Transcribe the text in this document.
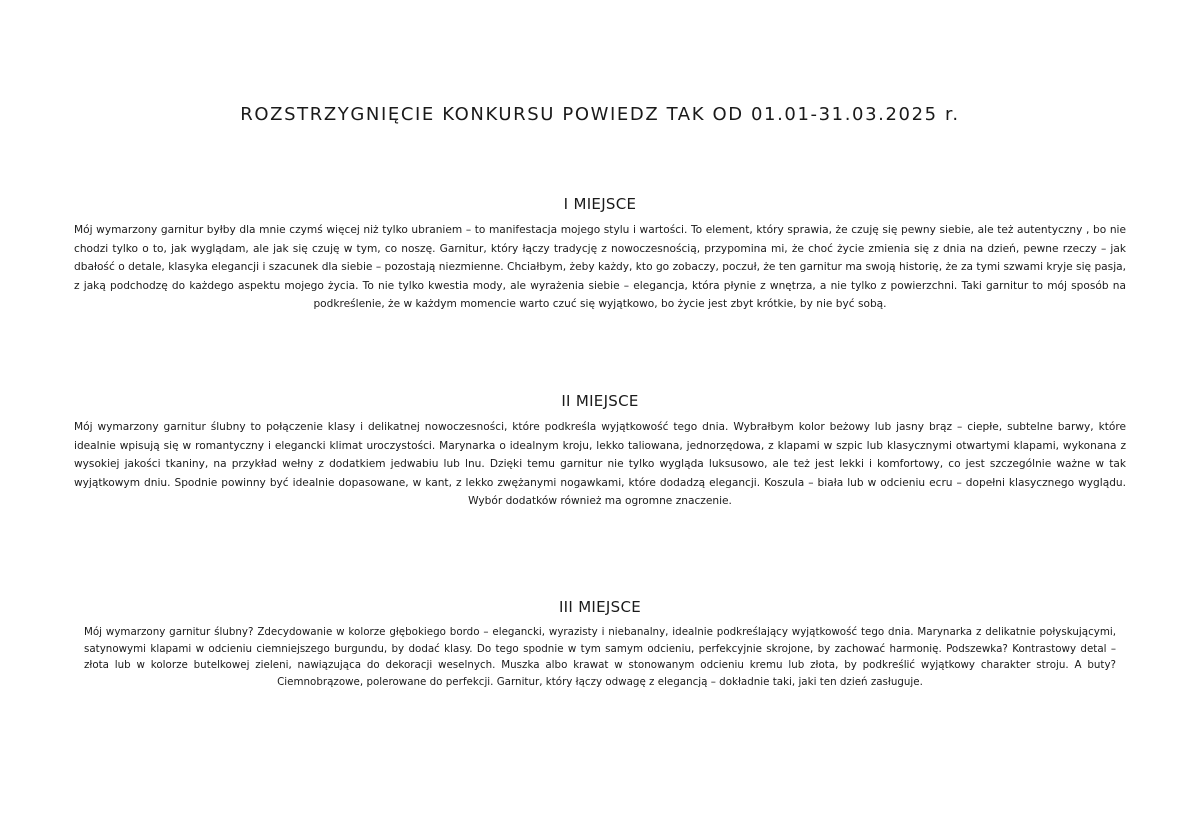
ROZSTRZYGNIĘCIE KONKURSU POWIEDZ TAK OD 01.01-31.03.2025 r.
I MIEJSCE

Mój wymarzony garnitur byłby dla mnie czymś więcej niż tylko ubraniem – to manifestacja mojego stylu i wartości. To element, który sprawia, że czuję się pewny siebie, ale też autentyczny , bo nie chodzi tylko o to, jak wyglądam, ale jak się czuję w tym, co noszę. Garnitur, który łączy tradycję z nowoczesnością, przypomina mi, że choć życie zmienia się z dnia na dzień, pewne rzeczy – jak dbałość o detale, klasyka elegancji i szacunek dla siebie – pozostają niezmienne. Chciałbym, żeby każdy, kto go zobaczy, poczuł, że ten garnitur ma swoją historię, że za tymi szwami kryje się pasja, z jaką podchodzę do każdego aspektu mojego życia. To nie tylko kwestia mody, ale wyrażenia siebie – elegancja, która płynie z wnętrza, a nie tylko z powierzchni. Taki garnitur to mój sposób na podkreślenie, że w każdym momencie warto czuć się wyjątkowo, bo życie jest zbyt krótkie, by nie być sobą.

II MIEJSCE

Mój wymarzony garnitur ślubny to połączenie klasy i delikatnej nowoczesności, które podkreśla wyjątkowość tego dnia. Wybrałbym kolor beżowy lub jasny brąz – ciepłe, subtelne barwy, które idealnie wpisują się w romantyczny i elegancki klimat uroczystości. Marynarka o idealnym kroju, lekko taliowana, jednorzędowa, z klapami w szpic lub klasycznymi otwartymi klapami, wykonana z wysokiej jakości tkaniny, na przykład wełny z dodatkiem jedwabiu lub lnu. Dzięki temu garnitur nie tylko wygląda luksusowo, ale też jest lekki i komfortowy, co jest szczególnie ważne w tak wyjątkowym dniu. Spodnie powinny być idealnie dopasowane, w kant, z lekko zwężanymi nogawkami, które dodadzą elegancji. Koszula – biała lub w odcieniu ecru – dopełni klasycznego wyglądu. Wybór dodatków również ma ogromne znaczenie.

III MIEJSCE

Mój wymarzony garnitur ślubny? Zdecydowanie w kolorze głębokiego bordo – elegancki, wyrazisty i niebanalny, idealnie podkreślający wyjątkowość tego dnia. Marynarka z delikatnie połyskującymi, satynowymi klapami w odcieniu ciemniejszego burgundu, by dodać klasy. Do tego spodnie w tym samym odcieniu, perfekcyjnie skrojone, by zachować harmonię. Podszewka? Kontrastowy detal – złota lub w kolorze butelkowej zieleni, nawiązująca do dekoracji weselnych. Muszka albo krawat w stonowanym odcieniu kremu lub złota, by podkreślić wyjątkowy charakter stroju. A buty? Ciemnobrązowe, polerowane do perfekcji. Garnitur, który łączy odwagę z elegancją – dokładnie taki, jaki ten dzień zasługuje.
